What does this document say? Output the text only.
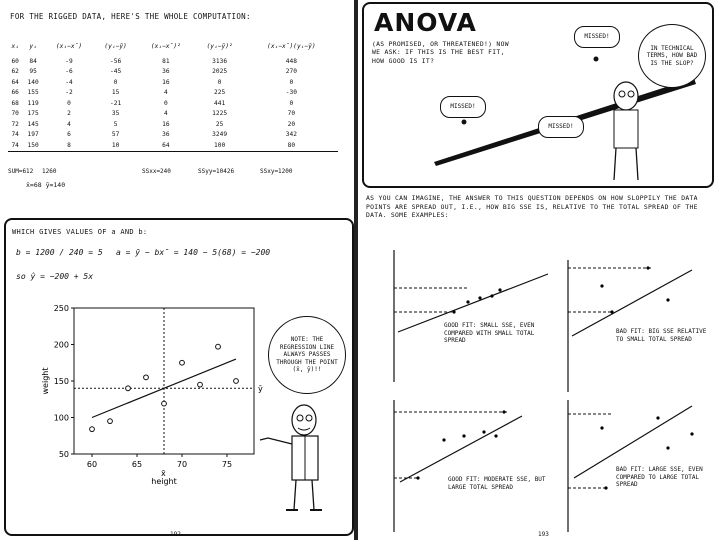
FOR THE RIGGED DATA, HERE'S THE WHOLE COMPUTATION:
xᵢ	yᵢ	(xᵢ−x̄)	(yᵢ−ȳ)	(xᵢ−x̄)²	(yᵢ−ȳ)²	(xᵢ−x̄)(yᵢ−ȳ)
60	84	-9	-56	81	3136	448
62	95	-6	-45	36	2025	270
64	140	-4	0	16	0	0
66	155	-2	15	4	225	-30
68	119	0	-21	0	441	0
70	175	2	35	4	1225	70
72	145	4	5	16	25	20
74	197	6	57	36	3249	342
74	150	8	10	64	100	80
SUM=612 1260	SSxx=240	SSyy=10426	SSxy=1200
x̄=68 ȳ=140
WHICH GIVES VALUES OF a AND b:
b = 1200 / 240 = 5 a = ȳ − bx̄ = 140 − 5(68) = −200
so ŷ = −200 + 5x
50
100
150
200
250
60	65	70	75
height
weight
x̄
ȳ
NOTE: THE REGRESSION LINE ALWAYS PASSES THROUGH THE POINT (x̄, ȳ)!!
192
ANOVA
(AS PROMISED, OR THREATENED!) NOW WE ASK: IF THIS IS THE BEST FIT, HOW GOOD IS IT?
MISSED!
MISSED!
MISSED!
IN TECHNICAL TERMS, HOW BAD IS THE SLOP?
AS YOU CAN IMAGINE, THE ANSWER TO THIS QUESTION DEPENDS ON HOW SLOPPILY THE DATA POINTS ARE SPREAD OUT, I.E., HOW BIG SSE IS, RELATIVE TO THE TOTAL SPREAD OF THE DATA. SOME EXAMPLES:
GOOD FIT: SMALL SSE, EVEN COMPARED WITH SMALL TOTAL SPREAD
BAD FIT: BIG SSE RELATIVE TO SMALL TOTAL SPREAD
GOOD FIT: MODERATE SSE, BUT LARGE TOTAL SPREAD
BAD FIT: LARGE SSE, EVEN COMPARED TO LARGE TOTAL SPREAD
193
